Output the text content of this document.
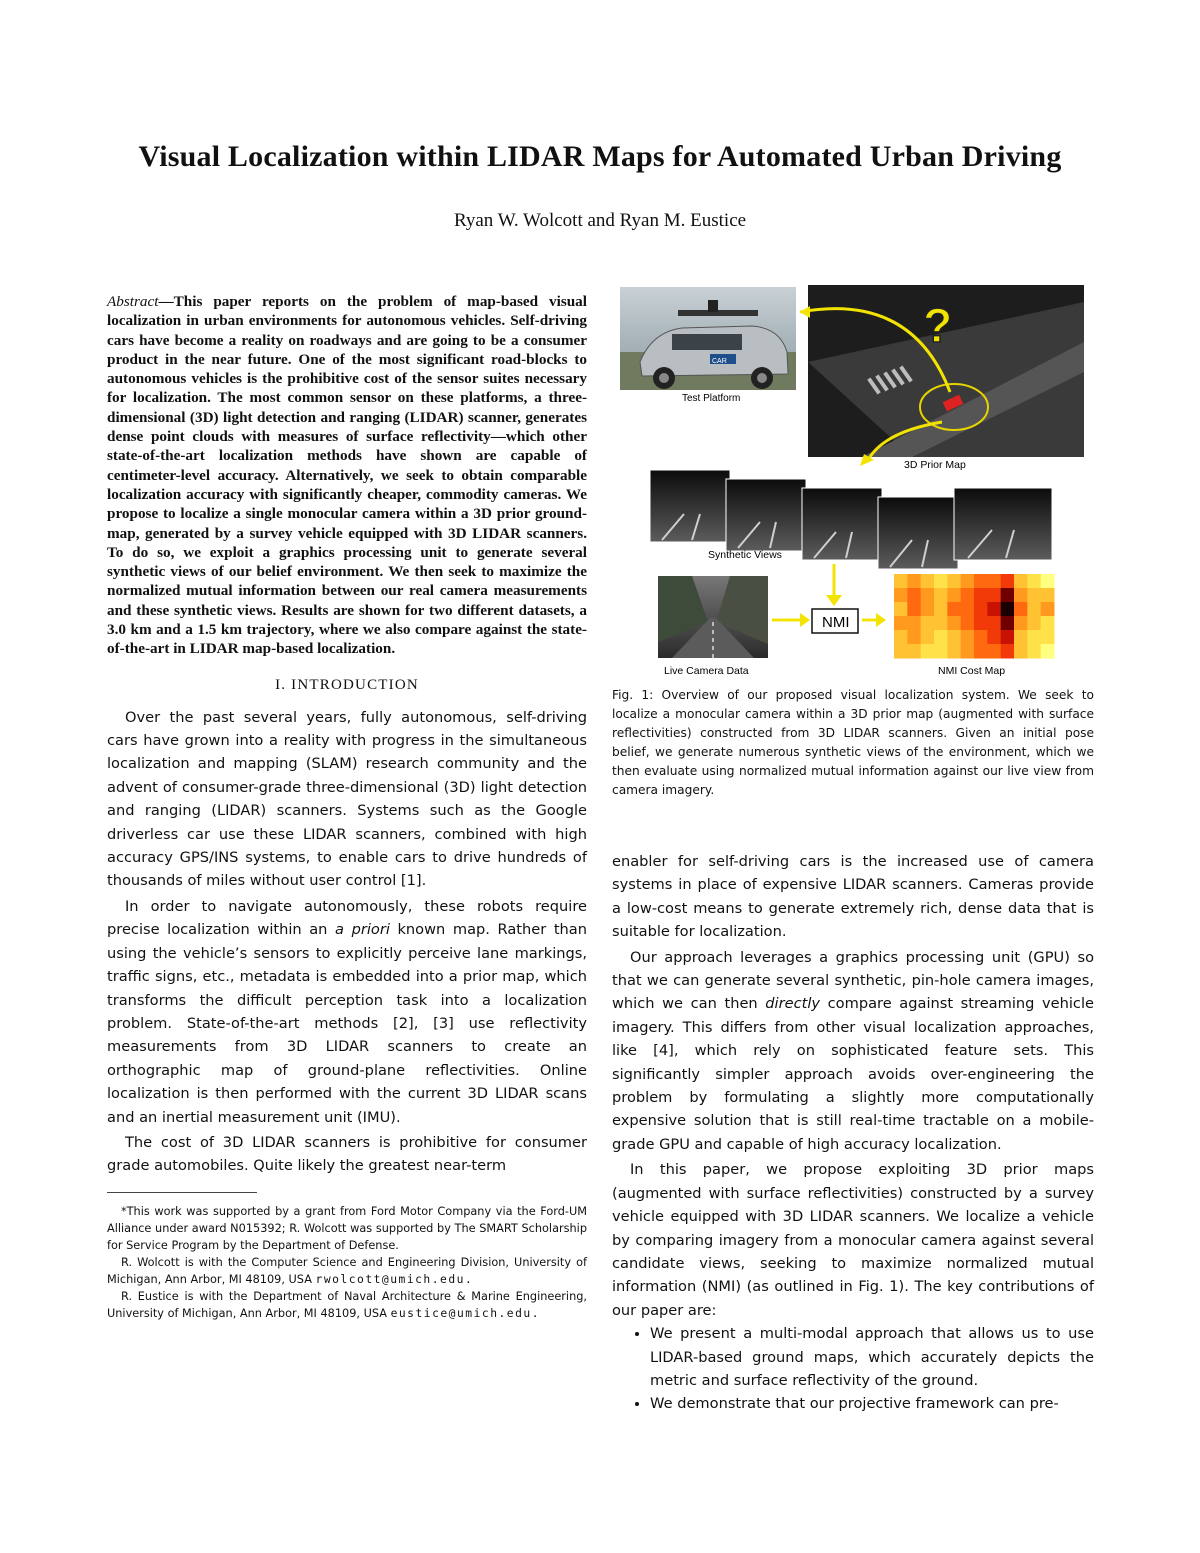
Visual Localization within LIDAR Maps for Automated Urban Driving
Ryan W. Wolcott and Ryan M. Eustice

Abstract—This paper reports on the problem of map-based visual localization in urban environments for autonomous vehicles. Self-driving cars have become a reality on roadways and are going to be a consumer product in the near future. One of the most significant road-blocks to autonomous vehicles is the prohibitive cost of the sensor suites necessary for localization. The most common sensor on these platforms, a three-dimensional (3D) light detection and ranging (LIDAR) scanner, generates dense point clouds with measures of surface reflectivity—which other state-of-the-art localization methods have shown are capable of centimeter-level accuracy. Alternatively, we seek to obtain comparable localization accuracy with significantly cheaper, commodity cameras. We propose to localize a single monocular camera within a 3D prior ground-map, generated by a survey vehicle equipped with 3D LIDAR scanners. To do so, we exploit a graphics processing unit to generate several synthetic views of our belief environment. We then seek to maximize the normalized mutual information between our real camera measurements and these synthetic views. Results are shown for two different datasets, a 3.0 km and a 1.5 km trajectory, where we also compare against the state-of-the-art in LIDAR map-based localization.

I. INTRODUCTION

Over the past several years, fully autonomous, self-driving cars have grown into a reality with progress in the simultaneous localization and mapping (SLAM) research community and the advent of consumer-grade three-dimensional (3D) light detection and ranging (LIDAR) scanners. Systems such as the Google driverless car use these LIDAR scanners, combined with high accuracy GPS/INS systems, to enable cars to drive hundreds of thousands of miles without user control [1].

In order to navigate autonomously, these robots require precise localization within an a priori known map. Rather than using the vehicle’s sensors to explicitly perceive lane markings, traffic signs, etc., metadata is embedded into a prior map, which transforms the difficult perception task into a localization problem. State-of-the-art methods [2], [3] use reflectivity measurements from 3D LIDAR scanners to create an orthographic map of ground-plane reflectivities. Online localization is then performed with the current 3D LIDAR scans and an inertial measurement unit (IMU).

The cost of 3D LIDAR scanners is prohibitive for consumer grade automobiles. Quite likely the greatest near-term

*This work was supported by a grant from Ford Motor Company via the Ford-UM Alliance under award N015392; R. Wolcott was supported by The SMART Scholarship for Service Program by the Department of Defense.

R. Wolcott is with the Computer Science and Engineering Division, University of Michigan, Ann Arbor, MI 48109, USA rwolcott@umich.edu.

R. Eustice is with the Department of Naval Architecture & Marine Engineering, University of Michigan, Ann Arbor, MI 48109, USA eustice@umich.edu.

Test Platform
CAR
?
3D Prior Map
Synthetic Views
Live Camera Data
NMI
NMI Cost Map
Fig. 1: Overview of our proposed visual localization system. We seek to localize a monocular camera within a 3D prior map (augmented with surface reflectivities) constructed from 3D LIDAR scanners. Given an initial pose belief, we generate numerous synthetic views of the environment, which we then evaluate using normalized mutual information against our live view from camera imagery.

enabler for self-driving cars is the increased use of camera systems in place of expensive LIDAR scanners. Cameras provide a low-cost means to generate extremely rich, dense data that is suitable for localization.

Our approach leverages a graphics processing unit (GPU) so that we can generate several synthetic, pin-hole camera images, which we can then directly compare against streaming vehicle imagery. This differs from other visual localization approaches, like [4], which rely on sophisticated feature sets. This significantly simpler approach avoids over-engineering the problem by formulating a slightly more computationally expensive solution that is still real-time tractable on a mobile-grade GPU and capable of high accuracy localization.

In this paper, we propose exploiting 3D prior maps (augmented with surface reflectivities) constructed by a survey vehicle equipped with 3D LIDAR scanners. We localize a vehicle by comparing imagery from a monocular camera against several candidate views, seeking to maximize normalized mutual information (NMI) (as outlined in Fig. 1). The key contributions of our paper are:

• We present a multi-modal approach that allows us to use LIDAR-based ground maps, which accurately depicts the metric and surface reflectivity of the ground.
• We demonstrate that our projective framework can pre-
